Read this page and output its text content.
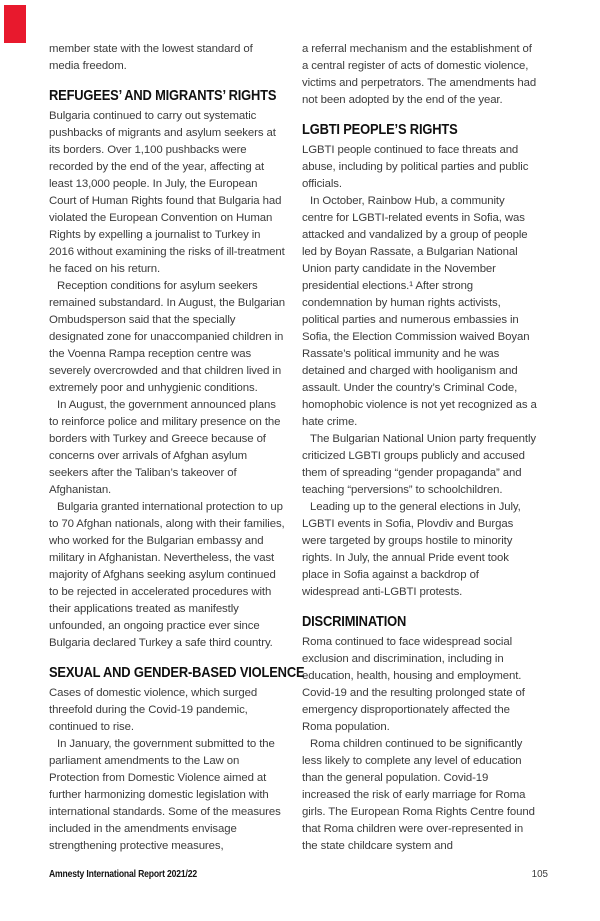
member state with the lowest standard of media freedom.

REFUGEES’ AND MIGRANTS’ RIGHTS

Bulgaria continued to carry out systematic pushbacks of migrants and asylum seekers at its borders. Over 1,100 pushbacks were recorded by the end of the year, affecting at least 13,000 people. In July, the European Court of Human Rights found that Bulgaria had violated the European Convention on Human Rights by expelling a journalist to Turkey in 2016 without examining the risks of ill-treatment he faced on his return.

Reception conditions for asylum seekers remained substandard. In August, the Bulgarian Ombudsperson said that the specially designated zone for unaccompanied children in the Voenna Rampa reception centre was severely overcrowded and that children lived in extremely poor and unhygienic conditions.

In August, the government announced plans to reinforce police and military presence on the borders with Turkey and Greece because of concerns over arrivals of Afghan asylum seekers after the Taliban’s takeover of Afghanistan.

Bulgaria granted international protection to up to 70 Afghan nationals, along with their families, who worked for the Bulgarian embassy and military in Afghanistan. Nevertheless, the vast majority of Afghans seeking asylum continued to be rejected in accelerated procedures with their applications treated as manifestly unfounded, an ongoing practice ever since Bulgaria declared Turkey a safe third country.

SEXUAL AND GENDER-BASED VIOLENCE

Cases of domestic violence, which surged threefold during the Covid-19 pandemic, continued to rise.

In January, the government submitted to the parliament amendments to the Law on Protection from Domestic Violence aimed at further harmonizing domestic legislation with international standards. Some of the measures included in the amendments envisage strengthening protective measures,

a referral mechanism and the establishment of a central register of acts of domestic violence, victims and perpetrators. The amendments had not been adopted by the end of the year.

LGBTI PEOPLE’S RIGHTS

LGBTI people continued to face threats and abuse, including by political parties and public officials.

In October, Rainbow Hub, a community centre for LGBTI-related events in Sofia, was attacked and vandalized by a group of people led by Boyan Rassate, a Bulgarian National Union party candidate in the November presidential elections.¹ After strong condemnation by human rights activists, political parties and numerous embassies in Sofia, the Election Commission waived Boyan Rassate’s political immunity and he was detained and charged with hooliganism and assault. Under the country’s Criminal Code, homophobic violence is not yet recognized as a hate crime.

The Bulgarian National Union party frequently criticized LGBTI groups publicly and accused them of spreading “gender propaganda” and teaching “perversions” to schoolchildren.

Leading up to the general elections in July, LGBTI events in Sofia, Plovdiv and Burgas were targeted by groups hostile to minority rights. In July, the annual Pride event took place in Sofia against a backdrop of widespread anti-LGBTI protests.

DISCRIMINATION

Roma continued to face widespread social exclusion and discrimination, including in education, health, housing and employment. Covid-19 and the resulting prolonged state of emergency disproportionately affected the Roma population.

Roma children continued to be significantly less likely to complete any level of education than the general population. Covid-19 increased the risk of early marriage for Roma girls. The European Roma Rights Centre found that Roma children were over-represented in the state childcare system and

Amnesty International Report 2021/22	105
